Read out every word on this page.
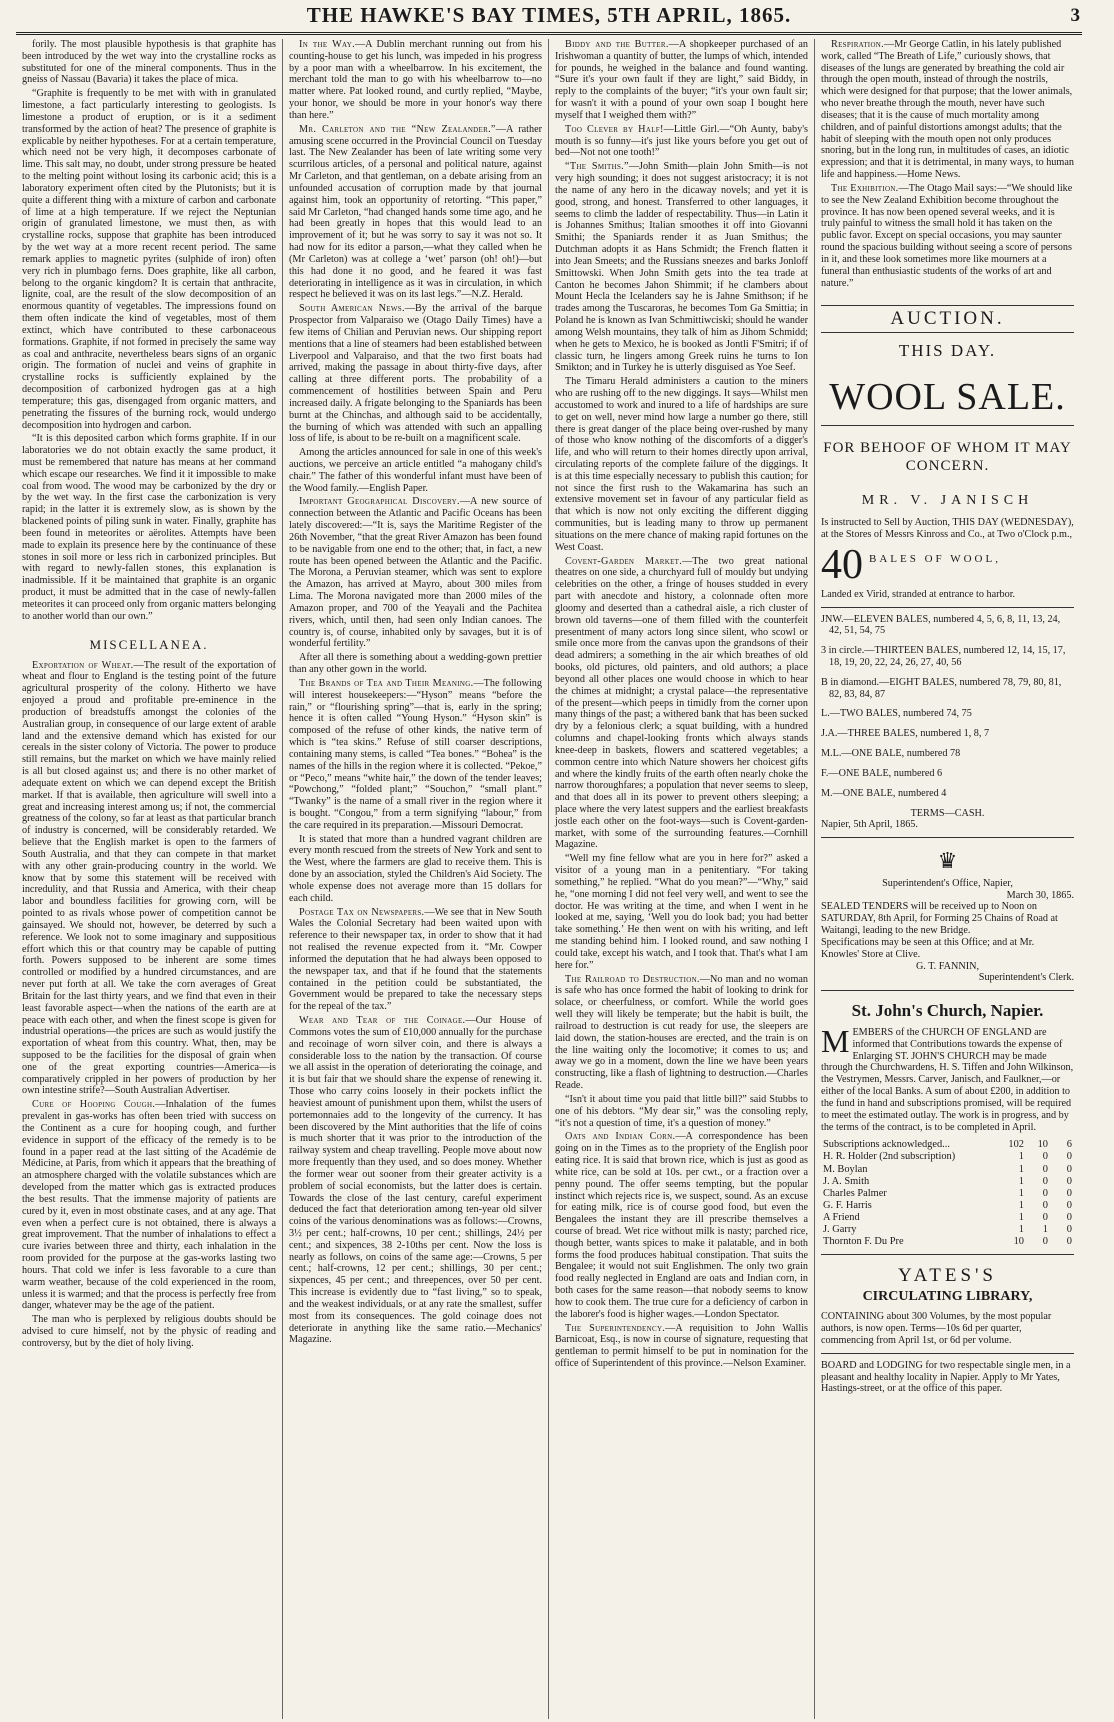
THE HAWKE'S BAY TIMES, 5TH APRIL, 1865.	3

forily. The most plausible hypothesis is that graphite has been introduced by the wet way into the crystalline rocks as substituted for one of the mineral components. Thus in the gneiss of Nassau (Bavaria) it takes the place of mica.

“Graphite is frequently to be met with with in granulated limestone, a fact particularly interesting to geologists. Is limestone a product of eruption, or is it a sediment transformed by the action of heat? The presence of graphite is explicable by neither hypotheses. For at a certain temperature, which need not be very high, it decomposes carbonate of lime. This salt may, no doubt, under strong pressure be heated to the melting point without losing its carbonic acid; this is a laboratory experiment often cited by the Plutonists; but it is quite a different thing with a mixture of carbon and carbonate of lime at a high temperature. If we reject the Neptunian origin of granulated limestone, we must then, as with crystalline rocks, suppose that graphite has been introduced by the wet way at a more recent recent period. The same remark applies to magnetic pyrites (sulphide of iron) often very rich in plumbago ferns. Does graphite, like all carbon, belong to the organic kingdom? It is certain that anthracite, lignite, coal, are the result of the slow decomposition of an enormous quantity of vegetables. The impressions found on them often indicate the kind of vegetables, most of them extinct, which have contributed to these carbonaceous formations. Graphite, if not formed in precisely the same way as coal and anthracite, nevertheless bears signs of an organic origin. The formation of nuclei and veins of graphite in crystalline rocks is sufficiently explained by the decomposition of carbonized hydrogen gas at a high temperature; this gas, disengaged from organic matters, and penetrating the fissures of the burning rock, would undergo decomposition into hydrogen and carbon.

“It is this deposited carbon which forms graphite. If in our laboratories we do not obtain exactly the same product, it must be remembered that nature has means at her command which escape our researches. We find it it impossible to make coal from wood. The wood may be carbonized by the dry or by the wet way. In the first case the carbonization is very rapid; in the latter it is extremely slow, as is shown by the blackened points of piling sunk in water. Finally, graphite has been found in meteorites or aërolites. Attempts have been made to explain its presence here by the continuance of these stones in soil more or less rich in carbonized principles. But with regard to newly-fallen stones, this explanation is inadmissible. If it be maintained that graphite is an organic product, it must be admitted that in the case of newly-fallen meteorites it can proceed only from organic matters belonging to another world than our own.”

MISCELLANEA.

Exportation of Wheat.—The result of the exportation of wheat and flour to England is the testing point of the future agricultural prosperity of the colony. Hitherto we have enjoyed a proud and profitable pre-eminence in the production of breadstuffs amongst the colonies of the Australian group, in consequence of our large extent of arable land and the extensive demand which has existed for our cereals in the sister colony of Victoria. The power to produce still remains, but the market on which we have mainly relied is all but closed against us; and there is no other market of adequate extent on which we can depend except the British market. If that is available, then agriculture will swell into a great and increasing interest among us; if not, the commercial greatness of the colony, so far at least as that particular branch of industry is concerned, will be considerably retarded. We believe that the English market is open to the farmers of South Australia, and that they can compete in that market with any other grain-producing country in the world. We know that by some this statement will be received with incredulity, and that Russia and America, with their cheap labor and boundless facilities for growing corn, will be pointed to as rivals whose power of competition cannot be gainsayed. We should not, however, be deterred by such a reference. We look not to some imaginary and suppositious effort which this or that country may be capable of putting forth. Powers supposed to be inherent are some times controlled or modified by a hundred circumstances, and are never put forth at all. We take the corn averages of Great Britain for the last thirty years, and we find that even in their least favorable aspect—when the nations of the earth are at peace with each other, and when the finest scope is given for industrial operations—the prices are such as would justify the exportation of wheat from this country. What, then, may be supposed to be the facilities for the disposal of grain when one of the great exporting countries—America—is comparatively crippled in her powers of production by her own intestine strife?—South Australian Advertiser.

Cure of Hooping Cough.—Inhalation of the fumes prevalent in gas-works has often been tried with success on the Continent as a cure for hooping cough, and further evidence in support of the efficacy of the remedy is to be found in a paper read at the last sitting of the Académie de Médicine, at Paris, from which it appears that the breathing of an atmosphere charged with the volatile substances which are developed from the matter which gas is extracted produces the best results. That the immense majority of patients are cured by it, even in most obstinate cases, and at any age. That even when a perfect cure is not obtained, there is always a great improvement. That the number of inhalations to effect a cure ivaries between three and thirty, each inhalation in the room provided for the purpose at the gas-works lasting two hours. That cold we infer is less favorable to a cure than warm weather, because of the cold experienced in the room, unless it is warmed; and that the process is perfectly free from danger, whatever may be the age of the patient.

The man who is perplexed by religious doubts should be advised to cure himself, not by the physic of reading and controversy, but by the diet of holy living.

In the Way.—A Dublin merchant running out from his counting-house to get his lunch, was impeded in his progress by a poor man with a wheelbarrow. In his excitement, the merchant told the man to go with his wheelbarrow to—no matter where. Pat looked round, and curtly replied, “Maybe, your honor, we should be more in your honor's way there than here.”

Mr. Carleton and the “New Zealander.”—A rather amusing scene occurred in the Provincial Council on Tuesday last. The New Zealander has been of late writing some very scurrilous articles, of a personal and political nature, against Mr Carleton, and that gentleman, on a debate arising from an unfounded accusation of corruption made by that journal against him, took an opportunity of retorting. “This paper,” said Mr Carleton, “had changed hands some time ago, and he had been greatly in hopes that this would lead to an improvement of it; but he was sorry to say it was not so. It had now for its editor a parson,—what they called when he (Mr Carleton) was at college a ‘wet’ parson (oh! oh!)—but this had done it no good, and he feared it was fast deteriorating in intelligence as it was in circulation, in which respect he believed it was on its last legs.”—N.Z. Herald.

South American News.—By the arrival of the barque Prospector from Valparaiso we (Otago Daily Times) have a few items of Chilian and Peruvian news. Our shipping report mentions that a line of steamers had been established between Liverpool and Valparaiso, and that the two first boats had arrived, making the passage in about thirty-five days, after calling at three different ports. The probability of a commencement of hostilities between Spain and Peru increased daily. A frigate belonging to the Spaniards has been burnt at the Chinchas, and although said to be accidentally, the burning of which was attended with such an appalling loss of life, is about to be re-built on a magnificent scale.

Among the articles announced for sale in one of this week's auctions, we perceive an article entitled “a mahogany child's chair.” The father of this wonderful infant must have been of the Wood family.—English Paper.

Important Geographical Discovery.—A new source of connection between the Atlantic and Pacific Oceans has been lately discovered:—“It is, says the Maritime Register of the 26th November, “that the great River Amazon has been found to be navigable from one end to the other; that, in fact, a new route has been opened between the Atlantic and the Pacific. The Morona, a Peruvian steamer, which was sent to explore the Amazon, has arrived at Mayro, about 300 miles from Lima. The Morona navigated more than 2000 miles of the Amazon proper, and 700 of the Yeayali and the Pachitea rivers, which, until then, had seen only Indian canoes. The country is, of course, inhabited only by savages, but it is of wonderful fertility.”

After all there is something about a wedding-gown prettier than any other gown in the world.

The Brands of Tea and Their Meaning.—The following will interest housekeepers:—“Hyson” means “before the rain,” or “flourishing spring”—that is, early in the spring; hence it is often called “Young Hyson.” “Hyson skin” is composed of the refuse of other kinds, the native term of which is “tea skins.” Refuse of still coarser descriptions, containing many stems, is called “Tea bones.” “Bohea” is the names of the hills in the region where it is collected. “Pekoe,” or “Peco,” means “white hair,” the down of the tender leaves; “Powchong,” “folded plant;” “Souchon,” “small plant.” “Twanky” is the name of a small river in the region where it is bought. “Congou,” from a term signifying “labour,” from the care required in its preparation.—Missouri Democrat.

It is stated that more than a hundred vagrant children are every month rescued from the streets of New York and sent to the West, where the farmers are glad to receive them. This is done by an association, styled the Children's Aid Society. The whole expense does not average more than 15 dollars for each child.

Postage Tax on Newspapers.—We see that in New South Wales the Colonial Secretary had been waited upon with reference to their newspaper tax, in order to show that it had not realised the revenue expected from it. “Mr. Cowper informed the deputation that he had always been opposed to the newspaper tax, and that if he found that the statements contained in the petition could be substantiated, the Government would be prepared to take the necessary steps for the repeal of the tax.”

Wear and Tear of the Coinage.—Our House of Commons votes the sum of £10,000 annually for the purchase and recoinage of worn silver coin, and there is always a considerable loss to the nation by the transaction. Of course we all assist in the operation of deteriorating the coinage, and it is but fair that we should share the expense of renewing it. Those who carry coins loosely in their pockets inflict the heaviest amount of punishment upon them, whilst the users of portemonnaies add to the longevity of the currency. It has been discovered by the Mint authorities that the life of coins is much shorter that it was prior to the introduction of the railway system and cheap travelling. People move about now more frequently than they used, and so does money. Whether the former wear out sooner from their greater activity is a problem of social economists, but the latter does is certain. Towards the close of the last century, careful experiment deduced the fact that deterioration among ten-year old silver coins of the various denominations was as follows:—Crowns, 3½ per cent.; half-crowns, 10 per cent.; shillings, 24½ per cent.; and sixpences, 38 2-10ths per cent. Now the loss is nearly as follows, on coins of the same age:—Crowns, 5 per cent.; half-crowns, 12 per cent.; shillings, 30 per cent.; sixpences, 45 per cent.; and threepences, over 50 per cent. This increase is evidently due to “fast living,” so to speak, and the weakest individuals, or at any rate the smallest, suffer most from its consequences. The gold coinage does not deteriorate in anything like the same ratio.—Mechanics' Magazine.

Biddy and the Butter.—A shopkeeper purchased of an Irishwoman a quantity of butter, the lumps of which, intended for pounds, he weighed in the balance and found wanting. “Sure it's your own fault if they are light,” said Biddy, in reply to the complaints of the buyer; “it's your own fault sir; for wasn't it with a pound of your own soap I bought here myself that I weighed them with?”

Too Clever by Half!—Little Girl.—“Oh Aunty, baby's mouth is so funny—it's just like yours before you get out of bed—Not not one tooth!”

“The Smiths.”—John Smith—plain John Smith—is not very high sounding; it does not suggest aristocracy; it is not the name of any hero in the dicaway novels; and yet it is good, strong, and honest. Transferred to other languages, it seems to climb the ladder of respectability. Thus—in Latin it is Johannes Smithus; Italian smoothes it off into Giovanni Smithi; the Spaniards render it as Juan Smithus; the Dutchman adopts it as Hans Schmidt; the French flatten it into Jean Smeets; and the Russians sneezes and barks Jonloff Smittowski. When John Smith gets into the tea trade at Canton he becomes Jahon Shimmit; if he clambers about Mount Hecla the Icelanders say he is Jahne Smithson; if he trades among the Tuscaroras, he becomes Tom Ga Smittia; in Poland he is known as Ivan Schmittiwciski; should he wander among Welsh mountains, they talk of him as Jihom Schmidd; when he gets to Mexico, he is booked as Jontli F'Smitri; if of classic turn, he lingers among Greek ruins he turns to Ion Smikton; and in Turkey he is utterly disguised as Yoe Seef.

The Timaru Herald administers a caution to the miners who are rushing off to the new diggings. It says—Whilst men accustomed to work and inured to a life of hardships are sure to get on well, never mind how large a number go there, still there is great danger of the place being over-rushed by many of those who know nothing of the discomforts of a digger's life, and who will return to their homes directly upon arrival, circulating reports of the complete failure of the diggings. It is at this time especially necessary to publish this caution; for not since the first rush to the Wakamarina has such an extensive movement set in favour of any particular field as that which is now not only exciting the different digging communities, but is leading many to throw up permanent situations on the mere chance of making rapid fortunes on the West Coast.

Covent-Garden Market.—The two great national theatres on one side, a churchyard full of mouldy but undying celebrities on the other, a fringe of houses studded in every part with anecdote and history, a colonnade often more gloomy and deserted than a cathedral aisle, a rich cluster of brown old taverns—one of them filled with the counterfeit presentment of many actors long since silent, who scowl or smile once more from the canvas upon the grandsons of their dead admirers; a something in the air which breathes of old books, old pictures, old painters, and old authors; a place beyond all other places one would choose in which to hear the chimes at midnight; a crystal palace—the representative of the present—which peeps in timidly from the corner upon many things of the past; a withered bank that has been sucked dry by a felonious clerk; a squat building, with a hundred columns and chapel-looking fronts which always stands knee-deep in baskets, flowers and scattered vegetables; a common centre into which Nature showers her choicest gifts and where the kindly fruits of the earth often nearly choke the narrow thoroughfares; a population that never seems to sleep, and that does all in its power to prevent others sleeping; a place where the very latest suppers and the earliest breakfasts jostle each other on the foot-ways—such is Covent-garden-market, with some of the surrounding features.—Cornhill Magazine.

“Well my fine fellow what are you in here for?” asked a visitor of a young man in a penitentiary. “For taking something,” he replied. “What do you mean?”—“Why,” said he, “one morning I did not feel very well, and went to see the doctor. He was writing at the time, and when I went in he looked at me, saying, ‘Well you do look bad; you had better take something.’ He then went on with his writing, and left me standing behind him. I looked round, and saw nothing I could take, except his watch, and I took that. That's what I am here for.”

The Railroad to Destruction.—No man and no woman is safe who has once formed the habit of looking to drink for solace, or cheerfulness, or comfort. While the world goes well they will likely be temperate; but the habit is built, the railroad to destruction is cut ready for use, the sleepers are laid down, the station-houses are erected, and the train is on the line waiting only the locomotive; it comes to us; and away we go in a moment, down the line we have been years constructing, like a flash of lightning to destruction.—Charles Reade.

“Isn't it about time you paid that little bill?” said Stubbs to one of his debtors. “My dear sir,” was the consoling reply, “it's not a question of time, it's a question of money.”

Oats and Indian Corn.—A correspondence has been going on in the Times as to the propriety of the English poor eating rice. It is said that brown rice, which is just as good as white rice, can be sold at 10s. per cwt., or a fraction over a penny pound. The offer seems tempting, but the popular instinct which rejects rice is, we suspect, sound. As an excuse for eating milk, rice is of course good food, but even the Bengalees the instant they are ill prescribe themselves a course of bread. Wet rice without milk is nasty; parched rice, though better, wants spices to make it palatable, and in both forms the food produces habitual constipation. That suits the Bengalee; it would not suit Englishmen. The only two grain food really neglected in England are oats and Indian corn, in both cases for the same reason—that nobody seems to know how to cook them. The true cure for a deficiency of carbon in the laborer's food is higher wages.—London Spectator.

The Superintendency.—A requisition to John Wallis Barnicoat, Esq., is now in course of signature, requesting that gentleman to permit himself to be put in nomination for the office of Superintendent of this province.—Nelson Examiner.

Respiration.—Mr George Catlin, in his lately published work, called “The Breath of Life,” curiously shows, that diseases of the lungs are generated by breathing the cold air through the open mouth, instead of through the nostrils, which were designed for that purpose; that the lower animals, who never breathe through the mouth, never have such diseases; that it is the cause of much mortality among children, and of painful distortions amongst adults; that the habit of sleeping with the mouth open not only produces snoring, but in the long run, in multitudes of cases, an idiotic expression; and that it is detrimental, in many ways, to human life and happiness.—Home News.

The Exhibition.—The Otago Mail says:—“We should like to see the New Zealand Exhibition become throughout the province. It has now been opened several weeks, and it is truly painful to witness the small hold it has taken on the public favor. Except on special occasions, you may saunter round the spacious building without seeing a score of persons in it, and these look sometimes more like mourners at a funeral than enthusiastic students of the works of art and nature.”

AUCTION.
THIS DAY.
WOOL SALE.
FOR BEHOOF OF WHOM IT MAY CONCERN.
MR. V. JANISCH
Is instructed to Sell by Auction, THIS DAY (WEDNESDAY), at the Stores of Messrs Kinross and Co., at Two o'Clock p.m.,
40 BALES OF WOOL,
Landed ex Virid, stranded at entrance to harbor.
JNW.—ELEVEN BALES, numbered 4, 5, 6, 8, 11, 13, 24, 42, 51, 54, 75
3 in circle.—THIRTEEN BALES, numbered 12, 14, 15, 17, 18, 19, 20, 22, 24, 26, 27, 40, 56
B in diamond.—EIGHT BALES, numbered 78, 79, 80, 81, 82, 83, 84, 87
L.—TWO BALES, numbered 74, 75
J.A.—THREE BALES, numbered 1, 8, 7
M.L.—ONE BALE, numbered 78
F.—ONE BALE, numbered 6
M.—ONE BALE, numbered 4
TERMS—CASH.
Napier, 5th April, 1865.
♛
Superintendent's Office, Napier,
March 30, 1865.
SEALED TENDERS will be received up to Noon on SATURDAY, 8th April, for Forming 25 Chains of Road at Waitangi, leading to the new Bridge.
Specifications may be seen at this Office; and at Mr. Knowles' Store at Clive.
G. T. FANNIN,
Superintendent's Clerk.
St. John's Church, Napier.
MEMBERS of the CHURCH OF ENGLAND are informed that Contributions towards the expense of Enlarging ST. JOHN'S CHURCH may be made through the Churchwardens, H. S. Tiffen and John Wilkinson, the Vestrymen, Messrs. Carver, Janisch, and Faulkner,—or either of the local Banks. A sum of about £200, in addition to the fund in hand and subscriptions promised, will be required to meet the estimated outlay. The work is in progress, and by the terms of the contract, is to be completed in April.
Subscriptions acknowledged...	102	10	6
H. R. Holder (2nd subscription)	1	0	0
M. Boylan	1	0	0
J. A. Smith	1	0	0
Charles Palmer	1	0	0
G. F. Harris	1	0	0
A Friend	1	0	0
J. Garry	1	1	0
Thornton F. Du Pre	10	0	0
YATES'S
CIRCULATING LIBRARY,
CONTAINING about 300 Volumes, by the most popular authors, is now open. Terms—10s 6d per quarter, commencing from April 1st, or 6d per volume.
BOARD and LODGING for two respectable single men, in a pleasant and healthy locality in Napier. Apply to Mr Yates, Hastings-street, or at the office of this paper.
